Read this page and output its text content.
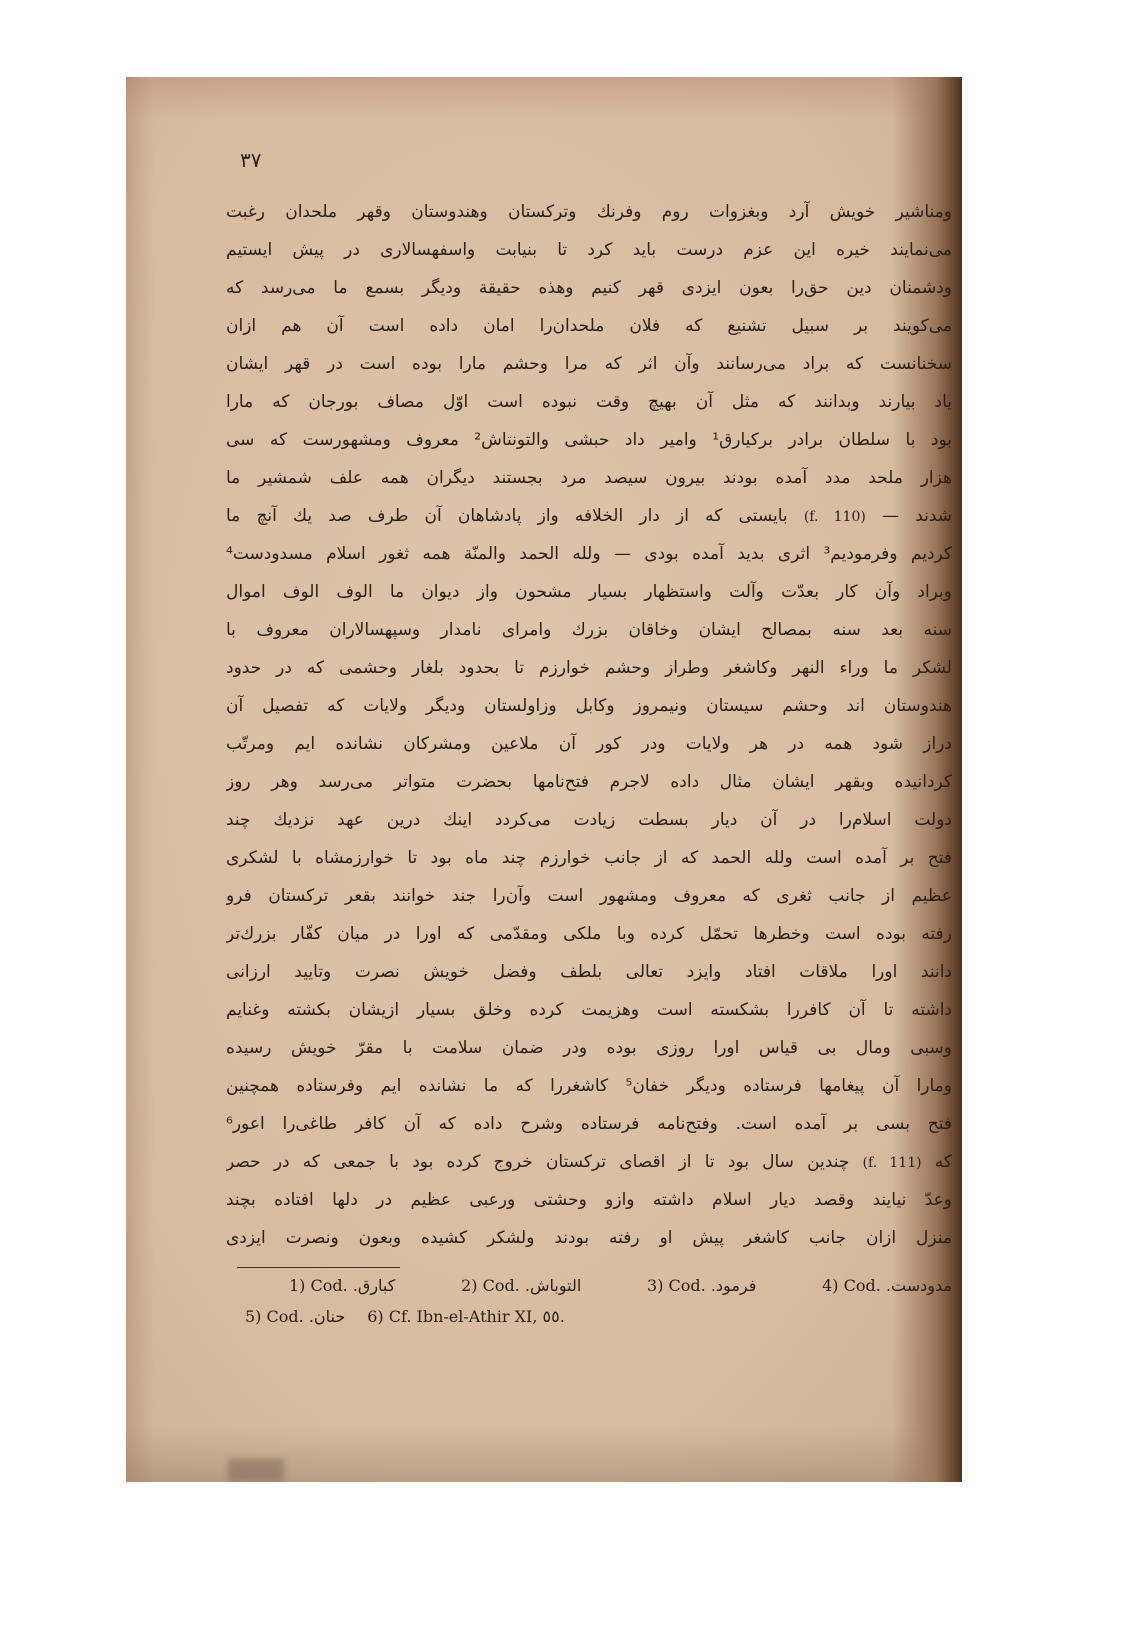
٣٧
ومناشیر خویش آرد وبغزوات روم وفرنك وترکستان وهندوستان وقهر ملحدان رغبت
می‌نمایند خیره این عزم درست باید کرد تا بنیابت واسفهسالاری در پیش ایستیم
ودشمنان دین حق‌را بعون ایزدی قهر کنیم وهذه حقیقة ودیگر بسمع ما می‌رسد که
می‌کویند بر سبیل تشنیع که فلان ملحدان‌را امان داده است آن هم ازان
سخنانست که براد می‌رسانند وآن اثر که مرا وحشم مارا بوده است در قهر ایشان
یاد بیارند وبدانند که مثل آن بهیچ وقت نبوده است اوّل مصاف بورجان که مارا
بود با سلطان برادر برکیارق¹ وامیر داد حبشی والتونتاش² معروف ومشهورست که سی
هزار ملحد مدد آمده بودند بیرون سیصد مرد بجستند دیگران همه علف شمشیر ما
شدند — (f. 110) بایستی که از دار الخلافه واز پادشاهان آن طرف صد یك آنچ ما
کردیم وفرمودیم³ اثری بدید آمده بودی — ولله الحمد والمنّة همه ثغور اسلام مسدودست⁴
وبراد وآن کار بعدّت وآلت واستظهار بسیار مشحون واز دیوان ما الوف الوف اموال
سنه بعد سنه بمصالح ایشان وخاقان بزرك وامرای نامدار وسپهسالاران معروف با
لشکر ما وراء النهر وکاشغر وطراز وحشم خوارزم تا بحدود بلغار وحشمی که در حدود
هندوستان اند وحشم سیستان ونیمروز وکابل وزاولستان ودیگر ولایات که تفصیل آن
دراز شود همه در هر ولایات ودر کور آن ملاعین ومشرکان نشانده ایم ومرتّب
کردانیده وبقهر ایشان مثال داده لاجرم فتح‌نامها بحضرت متواتر می‌رسد وهر روز
دولت اسلام‌را در آن دیار بسطت زیادت می‌کردد اینك درین عهد نزدیك چند
فتح بر آمده است ولله الحمد که از جانب خوارزم چند ماه بود تا خوارزمشاه با لشکری
عظیم از جانب ثغری که معروف ومشهور است وآن‌را جند خوانند بقعر ترکستان فرو
رفته بوده است وخطرها تحمّل کرده وبا ملکی ومقدّمی که اورا در میان کفّار بزرك‌تر
دانند اورا ملاقات افتاد وایزد تعالی بلطف وفضل خویش نصرت وتایید ارزانی
داشته تا آن کافررا بشکسته است وهزیمت کرده وخلق بسیار ازیشان بکشته وغنایم
وسبی ومال بی قیاس اورا روزی بوده ودر ضمان سلامت با مقرّ خویش رسیده
ومارا آن پیغامها فرستاده ودیگر خفان⁵ کاشغررا که ما نشانده ایم وفرستاده همچنین
فتح بسی بر آمده است. وفتح‌نامه فرستاده وشرح داده که آن کافر طاغی‌را اعور⁶
که (f. 111) چندین سال بود تا از اقصای ترکستان خروج کرده بود با جمعی که در حصر
وعدّ نیایند وقصد دیار اسلام داشته وازو وحشتی ورعبی عظیم در دلها افتاده بچند
منزل ازان جانب کاشغر پیش او رفته بودند ولشکر کشیده وبعون ونصرت ایزدی
1) Cod. کبارق.	2) Cod. التوباش.	3) Cod. فرمود.	4) Cod. مدودست.
5) Cod. حنان. 6) Cf. Ibn-el-Athir XI, ٥٥.
